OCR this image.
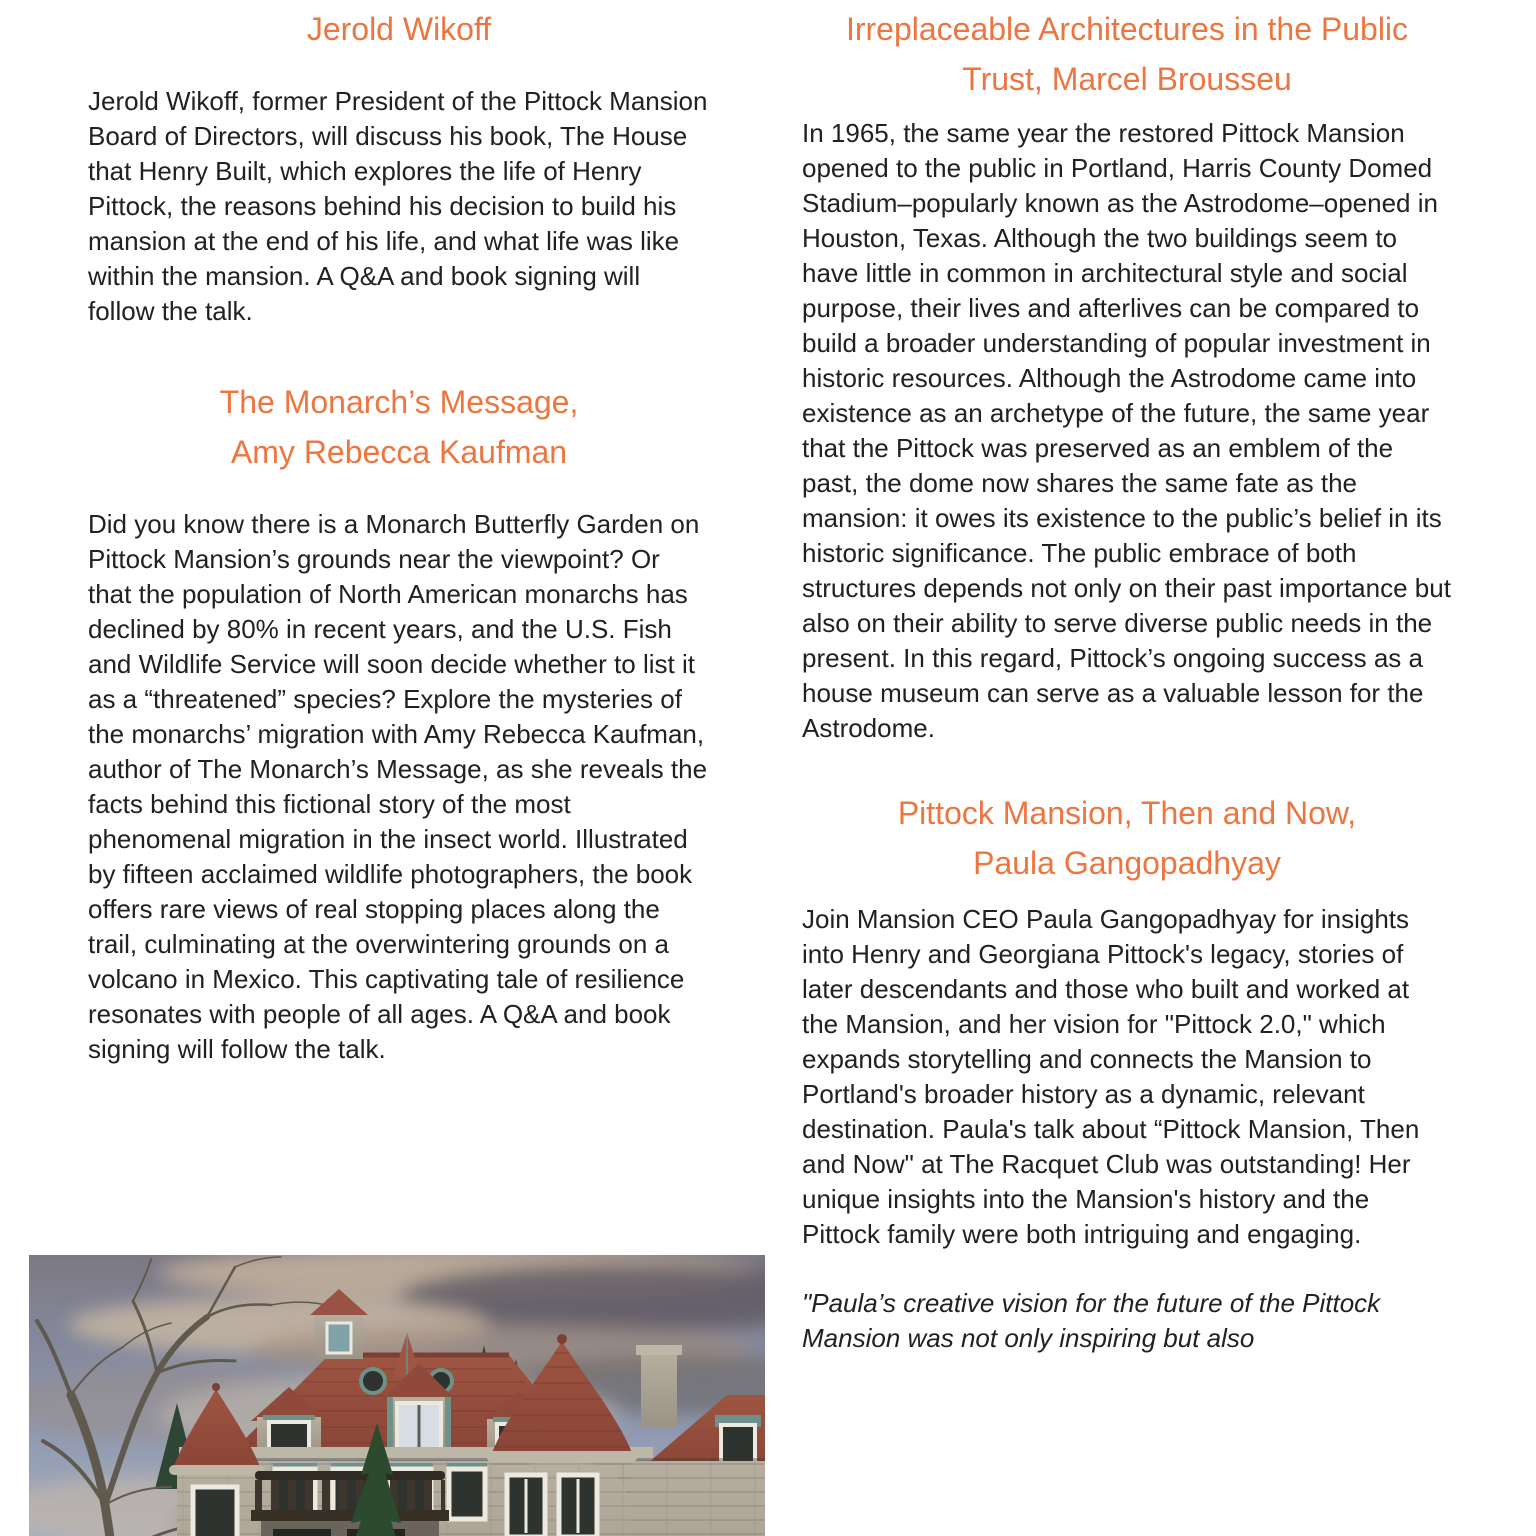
Jerold Wikoff

Jerold Wikoff, former President of the Pittock Mansion Board of Directors, will discuss his book, The House that Henry Built, which explores the life of Henry Pittock, the reasons behind his decision to build his mansion at the end of his life, and what life was like within the mansion. A Q&A and book signing will follow the talk.

The Monarch’s Message,
Amy Rebecca Kaufman

Did you know there is a Monarch Butterfly Garden on Pittock Mansion’s grounds near the viewpoint? Or that the population of North American monarchs has declined by 80% in recent years, and the U.S. Fish and Wildlife Service will soon decide whether to list it as a “threatened” species? Explore the mysteries of the monarchs’ migration with Amy Rebecca Kaufman, author of The Monarch’s Message, as she reveals the facts behind this fictional story of the most phenomenal migration in the insect world. Illustrated by fifteen acclaimed wildlife photographers, the book offers rare views of real stopping places along the trail, culminating at the overwintering grounds on a volcano in Mexico. This captivating tale of resilience resonates with people of all ages. A Q&A and book signing will follow the talk.

Irreplaceable Architectures in the Public
Trust, Marcel Brousseu

In 1965, the same year the restored Pittock Mansion opened to the public in Portland, Harris County Domed Stadium–popularly known as the Astrodome–opened in Houston, Texas. Although the two buildings seem to have little in common in architectural style and social purpose, their lives and afterlives can be compared to build a broader understanding of popular investment in historic resources. Although the Astrodome came into existence as an archetype of the future, the same year that the Pittock was preserved as an emblem of the past, the dome now shares the same fate as the mansion: it owes its existence to the public’s belief in its historic significance. The public embrace of both structures depends not only on their past importance but also on their ability to serve diverse public needs in the present. In this regard, Pittock’s ongoing success as a house museum can serve as a valuable lesson for the Astrodome.

Pittock Mansion, Then and Now,
Paula Gangopadhyay

Join Mansion CEO Paula Gangopadhyay for insights into Henry and Georgiana Pittock's legacy, stories of later descendants and those who built and worked at the Mansion, and her vision for "Pittock 2.0," which expands storytelling and connects the Mansion to Portland's broader history as a dynamic, relevant destination. Paula's talk about “Pittock Mansion, Then and Now" at The Racquet Club was outstanding! Her unique insights into the Mansion's history and the Pittock family were both intriguing and engaging.

"Paula’s creative vision for the future of the Pittock Mansion was not only inspiring but also
